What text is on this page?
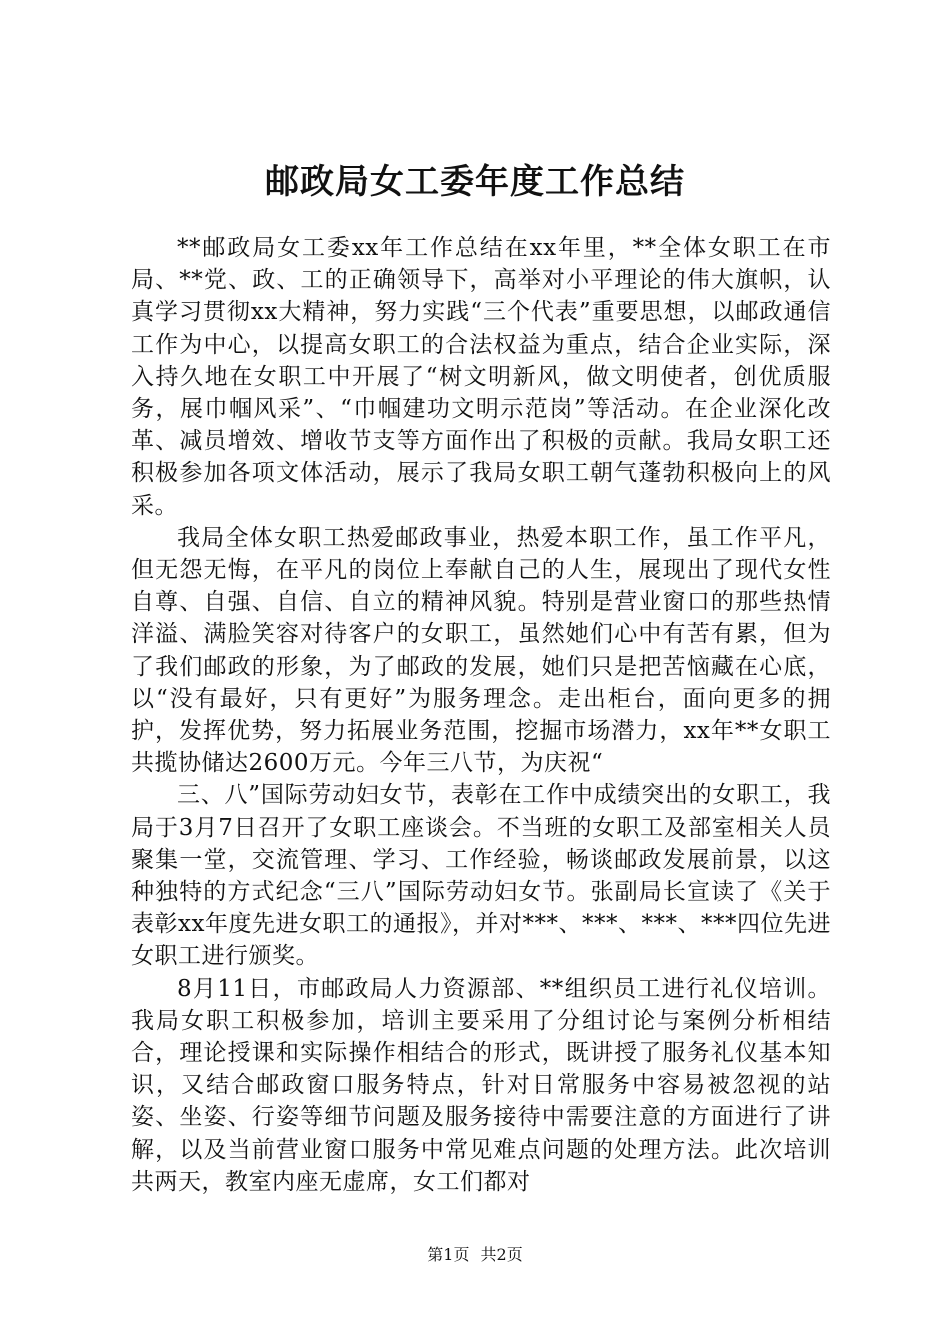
邮政局女工委年度工作总结

**邮政局女工委xx年工作总结在xx年里，**全体女职工在市局、**党、政、工的正确领导下，高举对小平理论的伟大旗帜，认真学习贯彻xx大精神，努力实践“三个代表”重要思想，以邮政通信工作为中心，以提高女职工的合法权益为重点，结合企业实际，深入持久地在女职工中开展了“树文明新风，做文明使者，创优质服务，展巾帼风采”、“巾帼建功文明示范岗”等活动。在企业深化改革、减员增效、增收节支等方面作出了积极的贡献。我局女职工还积极参加各项文体活动，展示了我局女职工朝气蓬勃积极向上的风采。

我局全体女职工热爱邮政事业，热爱本职工作，虽工作平凡，但无怨无悔，在平凡的岗位上奉献自己的人生，展现出了现代女性自尊、自强、自信、自立的精神风貌。特别是营业窗口的那些热情洋溢、满脸笑容对待客户的女职工，虽然她们心中有苦有累，但为了我们邮政的形象，为了邮政的发展，她们只是把苦恼藏在心底，以“没有最好，只有更好”为服务理念。走出柜台，面向更多的拥护，发挥优势，努力拓展业务范围，挖掘市场潜力，xx年**女职工共揽协储达2600万元。今年三八节，为庆祝“

三、八”国际劳动妇女节，表彰在工作中成绩突出的女职工，我局于3月7日召开了女职工座谈会。不当班的女职工及部室相关人员聚集一堂，交流管理、学习、工作经验，畅谈邮政发展前景，以这种独特的方式纪念“三八”国际劳动妇女节。张副局长宣读了《关于表彰xx年度先进女职工的通报》，并对***、***、***、***四位先进女职工进行颁奖。

8月11日，市邮政局人力资源部、**组织员工进行礼仪培训。我局女职工积极参加，培训主要采用了分组讨论与案例分析相结合，理论授课和实际操作相结合的形式，既讲授了服务礼仪基本知识，又结合邮政窗口服务特点，针对日常服务中容易被忽视的站姿、坐姿、行姿等细节问题及服务接待中需要注意的方面进行了讲解，以及当前营业窗口服务中常见难点问题的处理方法。此次培训共两天，教室内座无虚席，女工们都对

第1页 共2页
